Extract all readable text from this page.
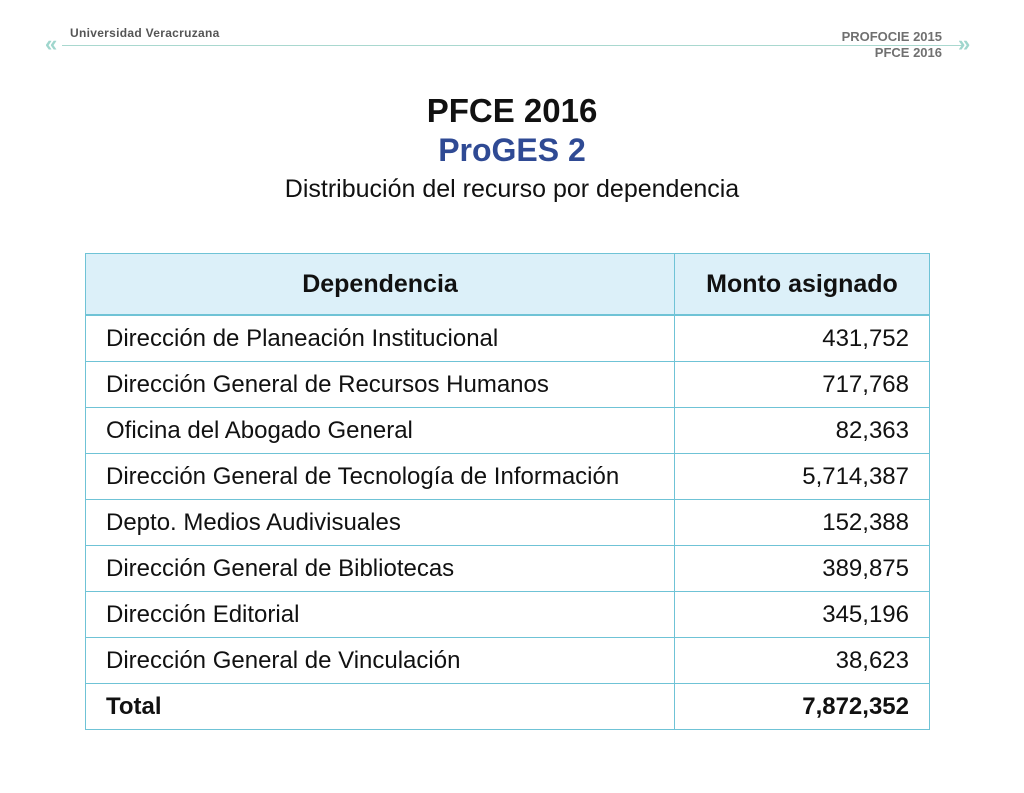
« Universidad Veracruzana	PROFOCIE 2015
PFCE 2016 »
PFCE 2016
ProGES 2
Distribución del recurso por dependencia
Dependencia	Monto asignado
Dirección de Planeación Institucional	431,752
Dirección General de Recursos Humanos	717,768
Oficina del Abogado General	82,363
Dirección General de Tecnología de Información	5,714,387
Depto. Medios Audivisuales	152,388
Dirección General de Bibliotecas	389,875
Dirección Editorial	345,196
Dirección General de Vinculación	38,623
Total	7,872,352
